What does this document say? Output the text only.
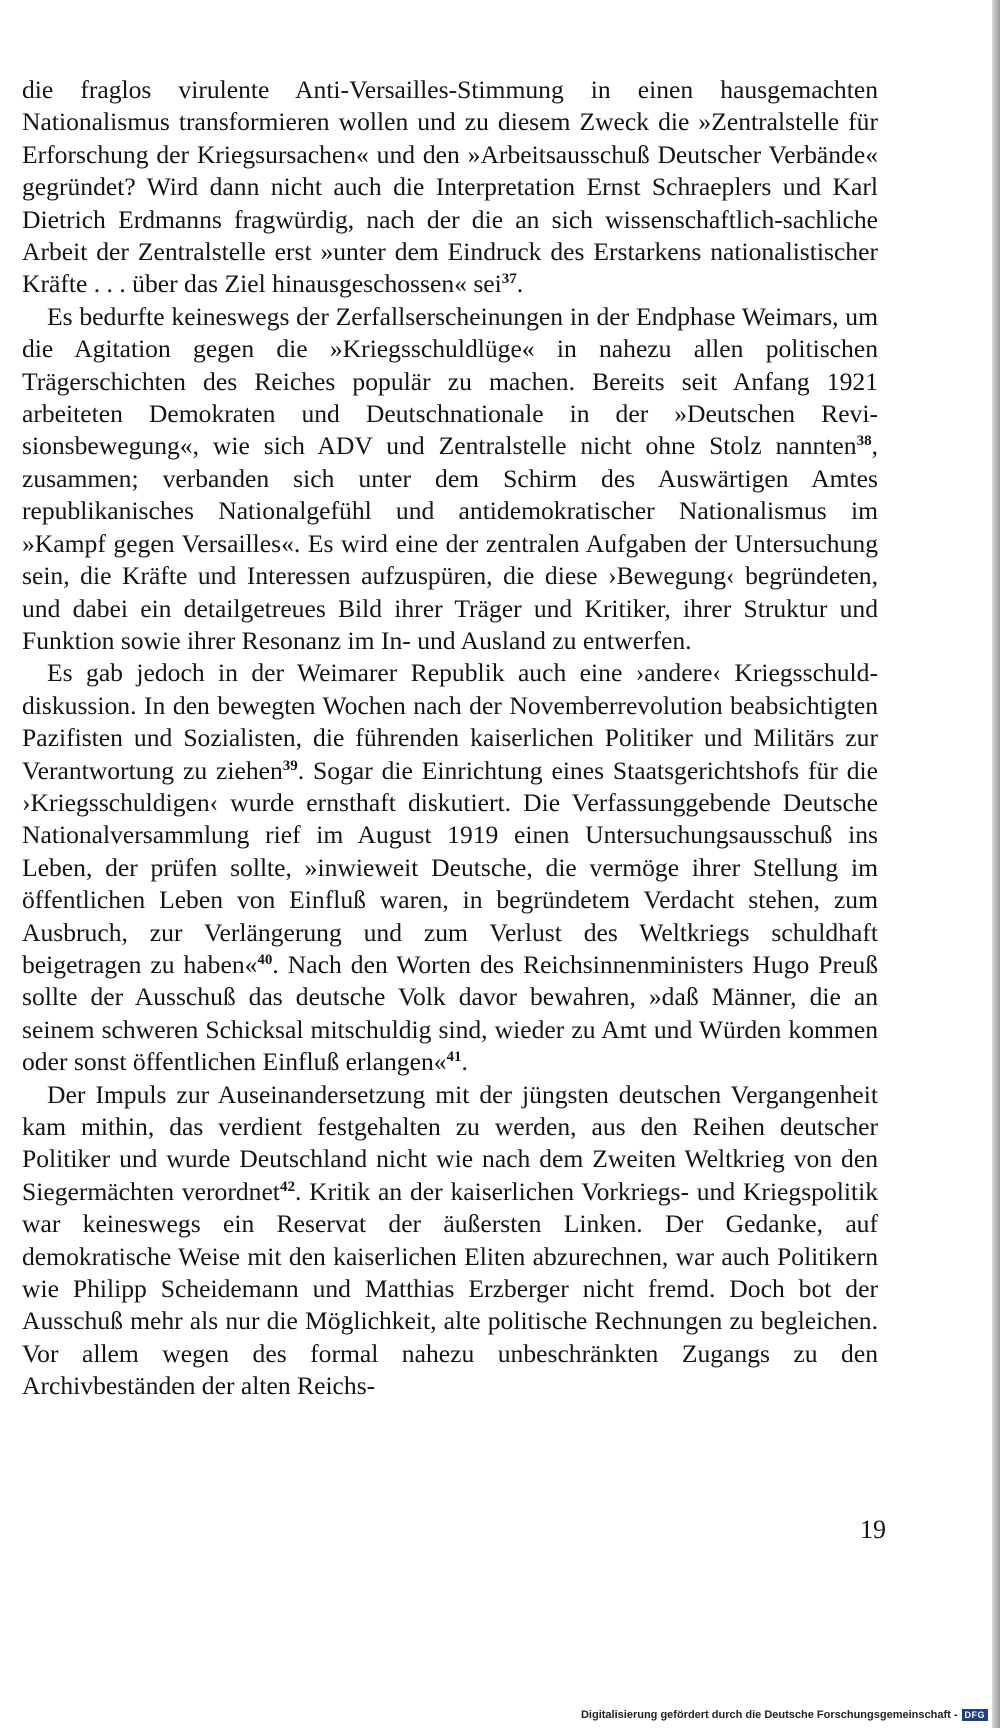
die fraglos virulente Anti-Versailles-Stimmung in einen hausgemachten Nationalismus transformieren wollen und zu diesem Zweck die »Zentralstelle für Erforschung der Kriegsursachen« und den »Arbeitsausschuß Deutscher Verbände« gegründet? Wird dann nicht auch die Interpretation Ernst Schraeplers und Karl Dietrich Erdmanns fragwürdig, nach der die an sich wissenschaftlich-sachliche Arbeit der Zentralstelle erst »unter dem Eindruck des Erstarkens nationalistischer Kräfte . . . über das Ziel hinausgeschossen« sei$^{37}$.

Es bedurfte keineswegs der Zerfallserscheinungen in der Endphase Weimars, um die Agitation gegen die »Kriegsschuldlüge« in nahezu allen politischen Trägerschichten des Reiches populär zu machen. Bereits seit Anfang 1921 arbeiteten Demokraten und Deutschnationale in der »Deutschen Revisionsbewegung«, wie sich ADV und Zentralstelle nicht ohne Stolz nannten$^{38}$, zusammen; verbanden sich unter dem Schirm des Auswärtigen Amtes republikanisches Nationalgefühl und antidemokratischer Nationalismus im »Kampf gegen Versailles«. Es wird eine der zentralen Aufgaben der Untersuchung sein, die Kräfte und Interessen aufzuspüren, die diese ›Bewegung‹ begründeten, und dabei ein detailgetreues Bild ihrer Träger und Kritiker, ihrer Struktur und Funktion sowie ihrer Resonanz im In- und Ausland zu entwerfen.

Es gab jedoch in der Weimarer Republik auch eine ›andere‹ Kriegsschulddiskussion. In den bewegten Wochen nach der Novemberrevolution beabsichtigten Pazifisten und Sozialisten, die führenden kaiserlichen Politiker und Militärs zur Verantwortung zu ziehen$^{39}$. Sogar die Einrichtung eines Staatsgerichtshofs für die ›Kriegsschuldigen‹ wurde ernsthaft diskutiert. Die Verfassunggebende Deutsche Nationalversammlung rief im August 1919 einen Untersuchungsausschuß ins Leben, der prüfen sollte, »inwieweit Deutsche, die vermöge ihrer Stellung im öffentlichen Leben von Einfluß waren, in begründetem Verdacht stehen, zum Ausbruch, zur Verlängerung und zum Verlust des Weltkriegs schuldhaft beigetragen zu haben«$^{40}$. Nach den Worten des Reichsinnenministers Hugo Preuß sollte der Ausschuß das deutsche Volk davor bewahren, »daß Männer, die an seinem schweren Schicksal mitschuldig sind, wieder zu Amt und Würden kommen oder sonst öffentlichen Einfluß erlangen«$^{41}$.

Der Impuls zur Auseinandersetzung mit der jüngsten deutschen Vergangenheit kam mithin, das verdient festgehalten zu werden, aus den Reihen deutscher Politiker und wurde Deutschland nicht wie nach dem Zweiten Weltkrieg von den Siegermächten verordnet$^{42}$. Kritik an der kaiserlichen Vorkriegs- und Kriegspolitik war keineswegs ein Reservat der äußersten Linken. Der Gedanke, auf demokratische Weise mit den kaiserlichen Eliten abzurechnen, war auch Politikern wie Philipp Scheidemann und Matthias Erzberger nicht fremd. Doch bot der Ausschuß mehr als nur die Möglichkeit, alte politische Rechnungen zu begleichen. Vor allem wegen des formal nahezu unbeschränkten Zugangs zu den Archivbeständen der alten Reichs-

19
Digitalisierung gefördert durch die Deutsche Forschungsgemeinschaft - DFG
